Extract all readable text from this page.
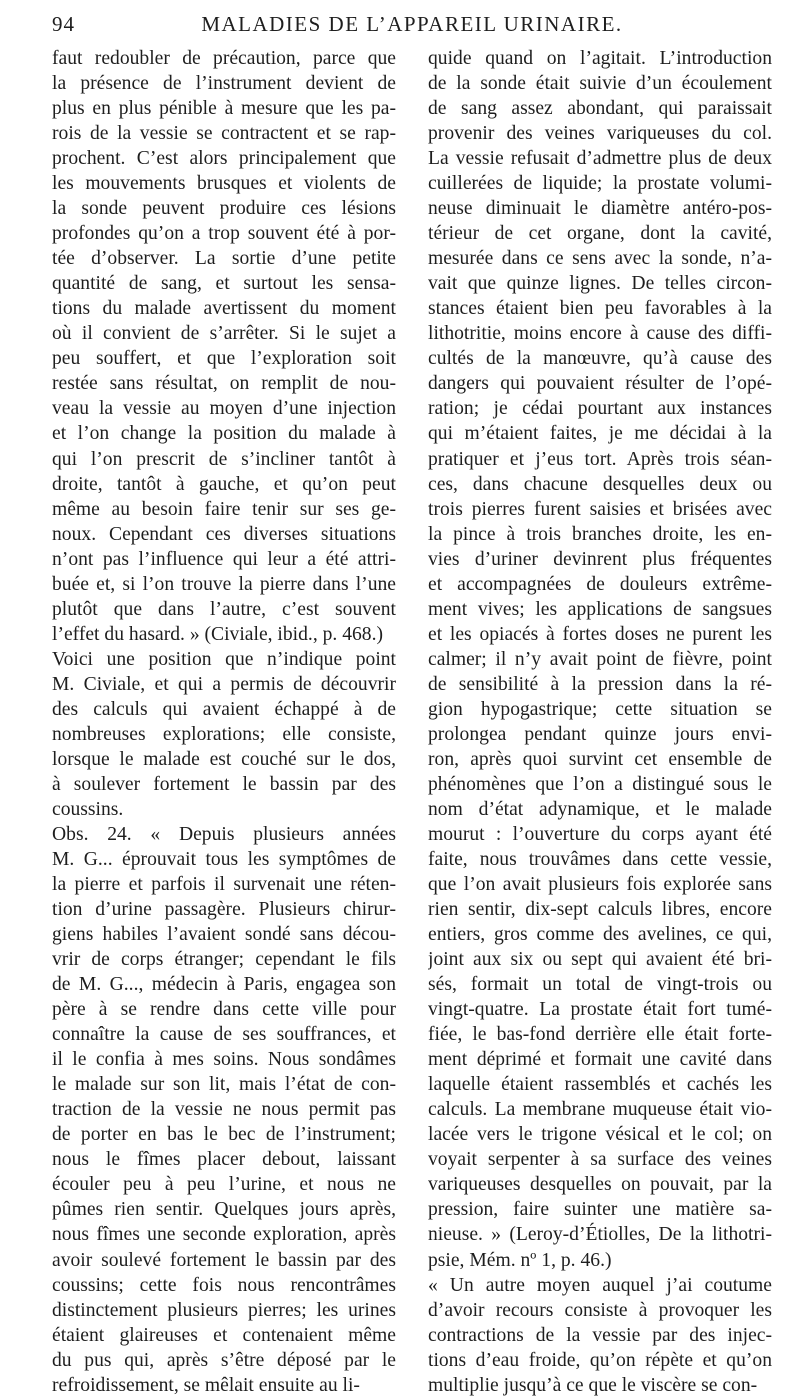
94	MALADIES DE L’APPAREIL URINAIRE.
faut redoubler de précaution, parce que
la présence de l’instrument devient de
plus en plus pénible à mesure que les pa-
rois de la vessie se contractent et se rap-
prochent. C’est alors principalement que
les mouvements brusques et violents de
la sonde peuvent produire ces lésions
profondes qu’on a trop souvent été à por-
tée d’observer. La sortie d’une petite
quantité de sang, et surtout les sensa-
tions du malade avertissent du moment
où il convient de s’arrêter. Si le sujet a
peu souffert, et que l’exploration soit
restée sans résultat, on remplit de nou-
veau la vessie au moyen d’une injection
et l’on change la position du malade à
qui l’on prescrit de s’incliner tantôt à
droite, tantôt à gauche, et qu’on peut
même au besoin faire tenir sur ses ge-
noux. Cependant ces diverses situations
n’ont pas l’influence qui leur a été attri-
buée et, si l’on trouve la pierre dans l’une
plutôt que dans l’autre, c’est souvent
l’effet du hasard. » (Civiale, ibid., p. 468.)
Voici une position que n’indique point
M. Civiale, et qui a permis de découvrir
des calculs qui avaient échappé à de
nombreuses explorations; elle consiste,
lorsque le malade est couché sur le dos,
à soulever fortement le bassin par des
coussins.
Obs. 24. « Depuis plusieurs années
M. G... éprouvait tous les symptômes de
la pierre et parfois il survenait une réten-
tion d’urine passagère. Plusieurs chirur-
giens habiles l’avaient sondé sans décou-
vrir de corps étranger; cependant le fils
de M. G..., médecin à Paris, engagea son
père à se rendre dans cette ville pour
connaître la cause de ses souffrances, et
il le confia à mes soins. Nous sondâmes
le malade sur son lit, mais l’état de con-
traction de la vessie ne nous permit pas
de porter en bas le bec de l’instrument;
nous le fîmes placer debout, laissant
écouler peu à peu l’urine, et nous ne
pûmes rien sentir. Quelques jours après,
nous fîmes une seconde exploration, après
avoir soulevé fortement le bassin par des
coussins; cette fois nous rencontrâmes
distinctement plusieurs pierres; les urines
étaient glaireuses et contenaient même
du pus qui, après s’être déposé par le
refroidissement, se mêlait ensuite au li-
quide quand on l’agitait. L’introduction
de la sonde était suivie d’un écoulement
de sang assez abondant, qui paraissait
provenir des veines variqueuses du col.
La vessie refusait d’admettre plus de deux
cuillerées de liquide; la prostate volumi-
neuse diminuait le diamètre antéro-pos-
térieur de cet organe, dont la cavité,
mesurée dans ce sens avec la sonde, n’a-
vait que quinze lignes. De telles circon-
stances étaient bien peu favorables à la
lithotritie, moins encore à cause des diffi-
cultés de la manœuvre, qu’à cause des
dangers qui pouvaient résulter de l’opé-
ration; je cédai pourtant aux instances
qui m’étaient faites, je me décidai à la
pratiquer et j’eus tort. Après trois séan-
ces, dans chacune desquelles deux ou
trois pierres furent saisies et brisées avec
la pince à trois branches droite, les en-
vies d’uriner devinrent plus fréquentes
et accompagnées de douleurs extrême-
ment vives; les applications de sangsues
et les opiacés à fortes doses ne purent les
calmer; il n’y avait point de fièvre, point
de sensibilité à la pression dans la ré-
gion hypogastrique; cette situation se
prolongea pendant quinze jours envi-
ron, après quoi survint cet ensemble de
phénomènes que l’on a distingué sous le
nom d’état adynamique, et le malade
mourut : l’ouverture du corps ayant été
faite, nous trouvâmes dans cette vessie,
que l’on avait plusieurs fois explorée sans
rien sentir, dix-sept calculs libres, encore
entiers, gros comme des avelines, ce qui,
joint aux six ou sept qui avaient été bri-
sés, formait un total de vingt-trois ou
vingt-quatre. La prostate était fort tumé-
fiée, le bas-fond derrière elle était forte-
ment déprimé et formait une cavité dans
laquelle étaient rassemblés et cachés les
calculs. La membrane muqueuse était vio-
lacée vers le trigone vésical et le col; on
voyait serpenter à sa surface des veines
variqueuses desquelles on pouvait, par la
pression, faire suinter une matière sa-
nieuse. » (Leroy-d’Étiolles, De la lithotri-
psie, Mém. nº 1, p. 46.)
« Un autre moyen auquel j’ai coutume
d’avoir recours consiste à provoquer les
contractions de la vessie par des injec-
tions d’eau froide, qu’on répète et qu’on
multiplie jusqu’à ce que le viscère se con-
